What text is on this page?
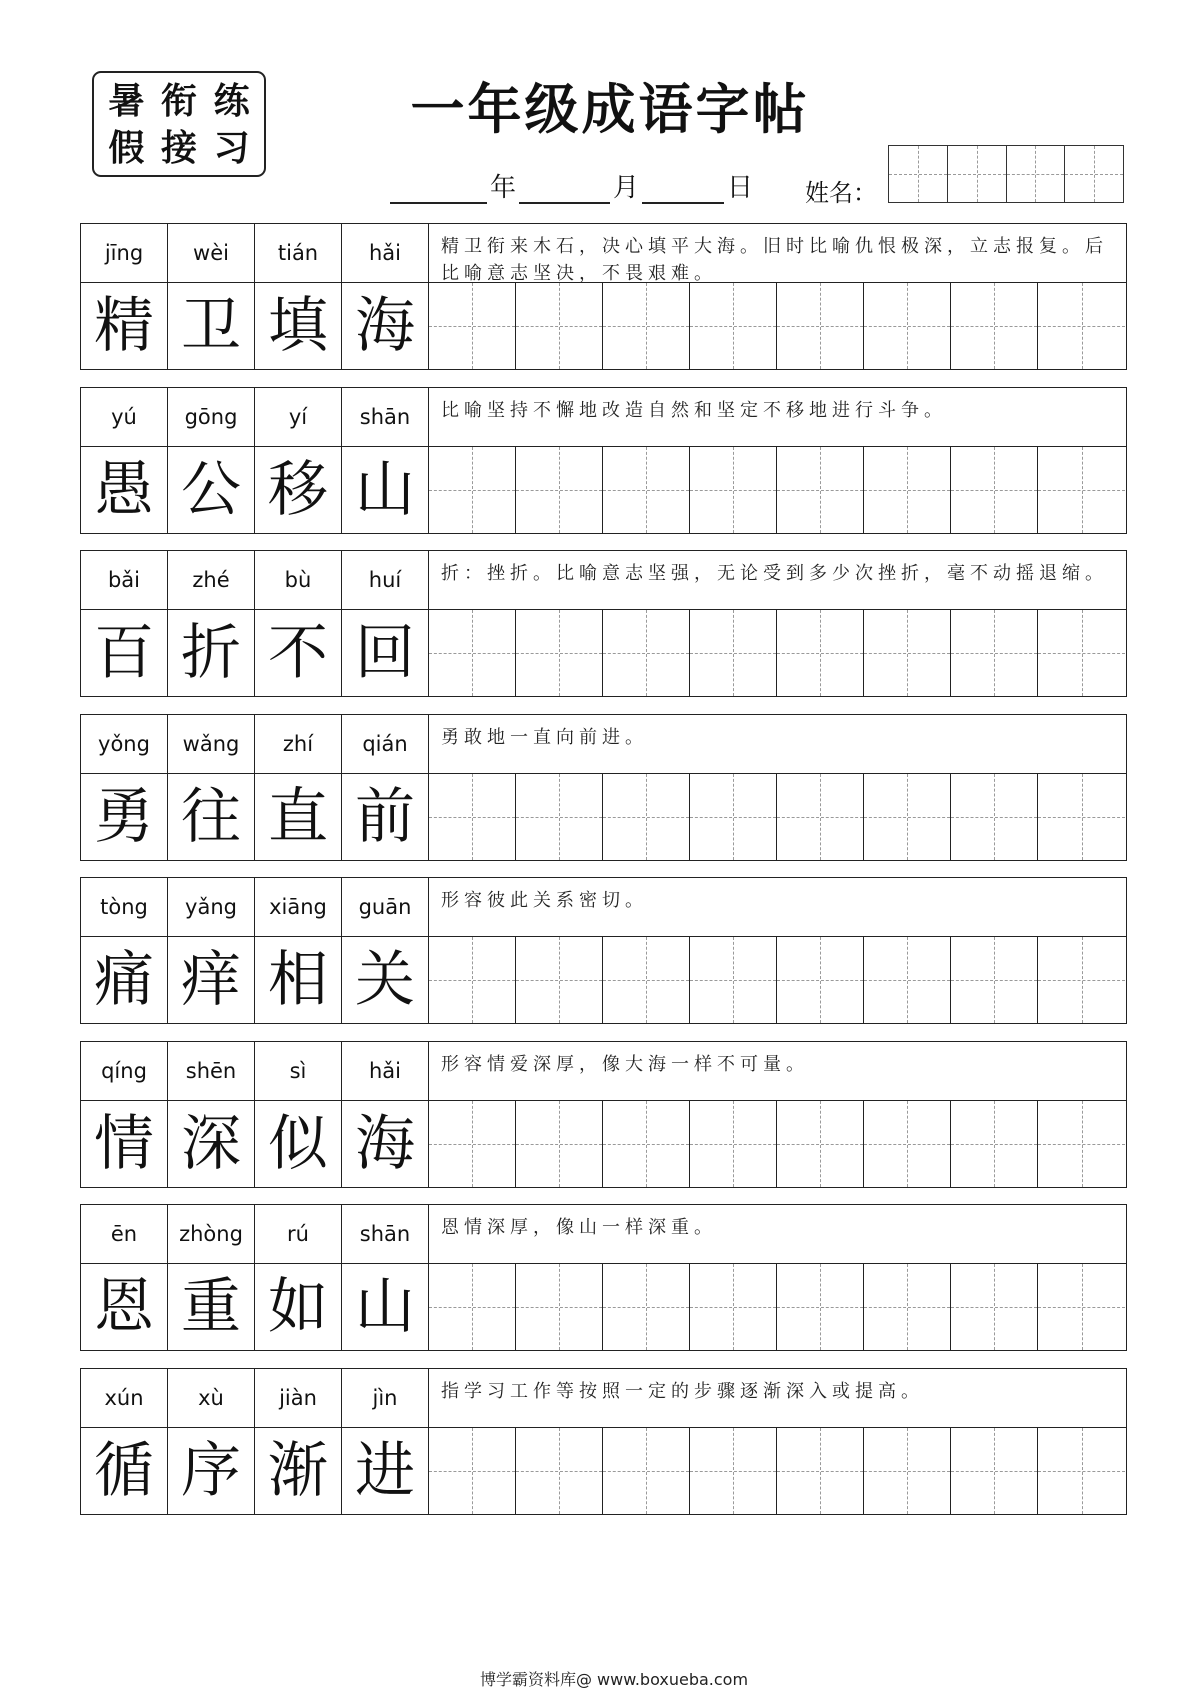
暑 衔 练
假 接 习
一年级成语字帖
年	月	日 姓名：
jīng	wèi	tián	hǎi	精卫衔来木石，决心填平大海。旧时比喻仇恨极深，立志报复。后比喻意志坚决，不畏艰难。
精 卫 填 海
yú	gōng	yí	shān	比喻坚持不懈地改造自然和坚定不移地进行斗争。
愚 公 移 山
bǎi	zhé	bù	huí	折：挫折。比喻意志坚强，无论受到多少次挫折，毫不动摇退缩。
百 折 不 回
yǒng	wǎng	zhí	qián	勇敢地一直向前进。
勇 往 直 前
tòng	yǎng	xiāng	guān	形容彼此关系密切。
痛 痒 相 关
qíng	shēn	sì	hǎi	形容情爱深厚，像大海一样不可量。
情 深 似 海
ēn	zhòng	rú	shān	恩情深厚，像山一样深重。
恩 重 如 山
xún	xù	jiàn	jìn	指学习工作等按照一定的步骤逐渐深入或提高。
循 序 渐 进
博学霸资料库@ www.boxueba.com
